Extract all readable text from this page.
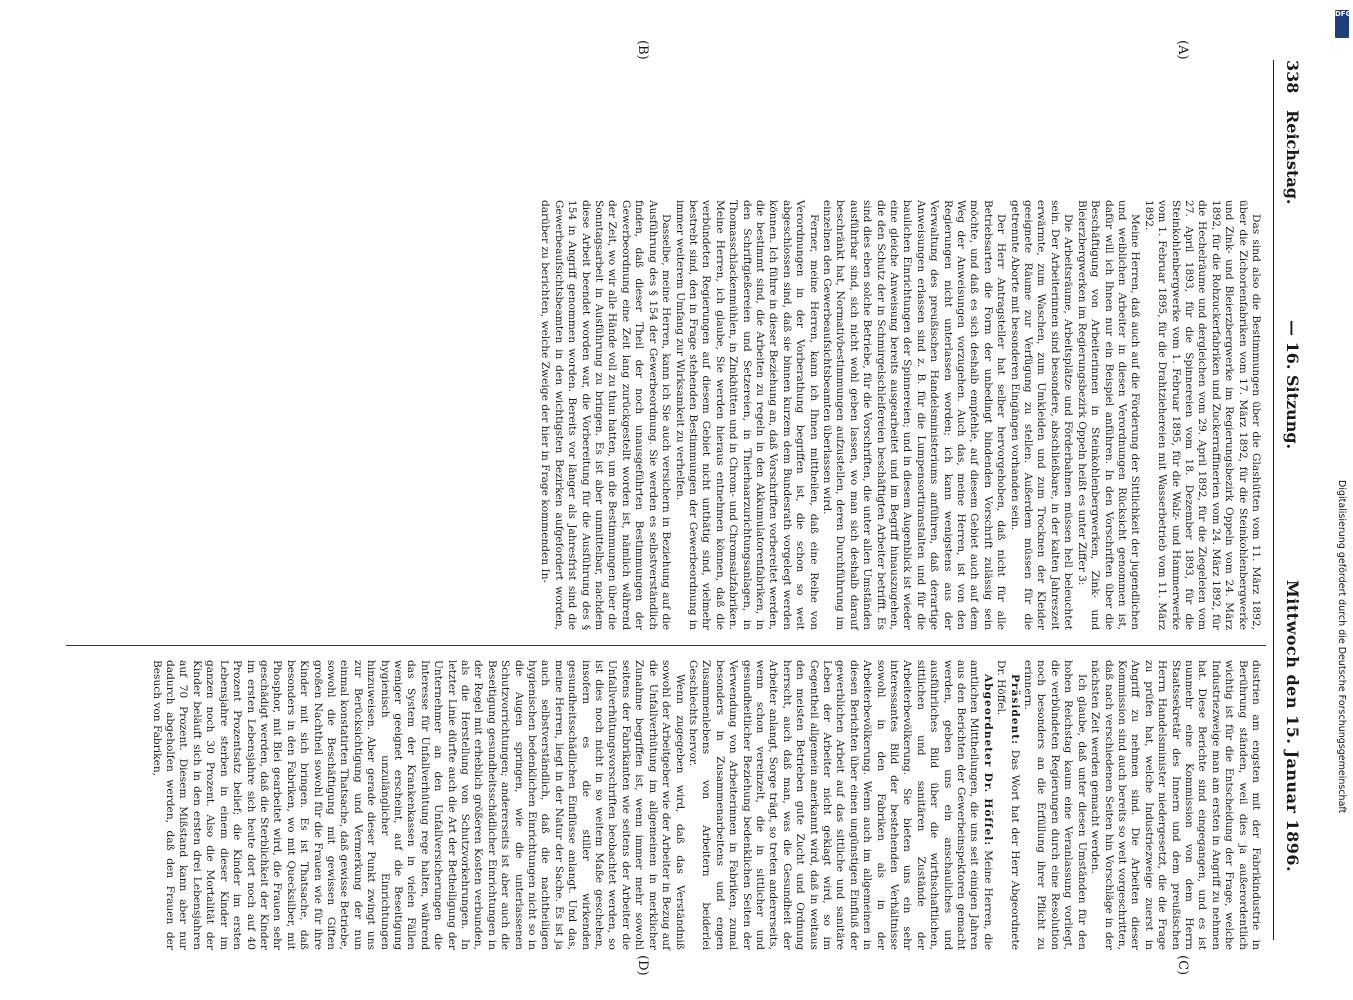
338
Reichstag.
— 16. Sitzung.
Mittwoch den 15. Januar 1896.
(A)
(B)
(C)
(D)

Das sind also die Bestimmungen über die Glashütten vom 11. März 1892, über die Zichorienfabriken vom 17. März 1892, für die Steinkohlenbergwerke und Zink- und Bleierzbergwerke im Regierungsbezirk Oppeln vom 24. März 1892, für die Rohzuckerfabriken und Zuckerraffinerien vom 24. März 1892, für die Hechelräume und dergleichen vom 29. April 1892, für die Ziegeleien vom 27. April 1893, für die Spinnereien vom 18. Dezember 1893, für die Steinkohlenbergwerke vom 1. Februar 1895, für die Walz- und Hammerwerke vom 1. Februar 1895, für die Drahtziehereien mit Wasserbetrieb vom 11. März 1892.

Meine Herren, daß auch auf die Förderung der Sittlichkeit der jugendlichen und weiblichen Arbeiter in diesen Verordnungen Rücksicht genommen ist, dafür will ich Ihnen nur ein Beispiel anführen. In den Vorschriften über die Beschäftigung von Arbeiterinnen in Steinkohlenbergwerken, Zink- und Bleierzbergwerken im Regierungsbezirk Oppeln heißt es unter Ziffer 3:

Die Arbeitsräume, Arbeitsplätze und Förderbahnen müssen hell beleuchtet sein. Der Arbeiterinnen sind besondere, abschließbare, in der kalten Jahreszeit erwärmte, zum Waschen, zum Umkleiden und zum Trocknen der Kleider geeignete Räume zur Verfügung zu stellen. Außerdem müssen für die getrennte Aborte mit besonderen Eingängen vorhanden sein.

Der Herr Antragsteller hat selber hervorgehoben, daß nicht für alle Betriebsarten die Form der unbedingt bindenden Vorschrift zulässig sein möchte, und daß es sich deshalb empfehle, auf diesem Gebiet auch auf dem Weg der Anweisungen vorzugehen. Auch das, meine Herren, ist von den Regierungen nicht unterlassen worden; ich kann wenigstens aus der Verwaltung des preußischen Handelsministeriums anführen, daß derartige Anweisungen erlassen sind z. B. für die Lumpensortiranstalten und für die baulichen Einrichtungen der Spinnereien; und in diesem Augenblick ist wieder eine gleiche Anweisung bereits ausgearbeitet und im Begriff hinauszugehen, die den Schutz der in Schmirgelschleifereien beschäftigten Arbeiter betrifft. Es sind dies eben solche Betriebe, für die Vorschriften, die unter allen Umständen ausführbar sind, sich nicht wohl geben lassen, wo man sich deshalb darauf beschränkt hat, Normativbestimmungen aufzustellen, deren Durchführung im einzelnen den Gewerbeaufsichtsbeamten überlassen wird.

Ferner, meine Herren, kann ich Ihnen mittheilen, daß eine Reihe von Verordnungen in der Vorberathung begriffen ist, die schon so weit abgeschlossen sind, daß sie binnen kurzem dem Bundesrath vorgelegt werden können. Ich führe in dieser Beziehung an, daß Vorschriften vorbereitet werden, die bestimmt sind, die Arbeiten zu regeln in den Akkumulatorenfabriken, in den Schriftgießereien und Setzereien, in Thierhaarzurichtungsanlagen, in Thomasschlackenmühlen, in Zinkhütten und in Chrom- und Chromsalzfabriken. Meine Herren, ich glaube, Sie werden hieraus entnehmen können, daß die verbündeten Regierungen auf diesem Gebiet nicht unthätig sind, vielmehr bestrebt sind, den in Frage stehenden Bestimmungen der Gewerbeordnung in immer weiterem Umfang zur Wirksamkeit zu verhelfen.

Dasselbe, meine Herren, kann ich Sie auch versichern in Beziehung auf die Ausführung des § 154 der Gewerbeordnung. Sie werden es selbstverständlich finden, daß dieser Theil der noch unausgeführten Bestimmungen der Gewerbeordnung eine Zeit lang zurückgestellt worden ist, nämlich während der Zeit, wo wir alle Hände voll zu thun hatten, um die Bestimmungen über die Sonntagsarbeit in Ausführung zu bringen. Es ist aber unmittelbar, nachdem diese Arbeit beendet worden war, die Vorbereitung für die Ausführung des § 154 in Angriff genommen worden. Bereits vor länger als Jahresfrist sind die Gewerbeaufsichtsbeamten in den wichtigsten Bezirken aufgefordert worden, darüber zu berichten, welche Zweige der hier in Frage kommenden In-

dustrien am engsten mit der Fabrikindustrie in Berührung ständen, weil dies ja außerordentlich wichtig ist für die Entscheidung der Frage, welche Industriezweige man am ersten in Angriff zu nehmen hat. Diese Berichte sind eingegangen, und es ist nunmehr eine Kommission von dem Herrn Staatssekretär des Innern und dem preußischen Herrn Handelsminister niedergesetzt, die die Frage zu prüfen hat, welche Industriezweige zuerst in Angriff zu nehmen sind. Die Arbeiten dieser Kommission sind auch bereits so weit vorgeschritten, daß nach verschiedenen Seiten hin Vorschläge in der nächsten Zeit werden gemacht werden.

Ich glaube, daß unter diesen Umständen für den hohen Reichstag kaum eine Veranlassung vorliegt, die verbündeten Regierungen durch eine Resolution noch besonders an die Erfüllung ihrer Pflicht zu erinnern.

Präsident: Das Wort hat der Herr Abgeordnete Dr. Höffel.

Abgeordneter Dr. Höffel: Meine Herren, die amtlichen Mittheilungen, die uns seit einigen Jahren aus den Berichten der Gewerbeinspektoren gemacht werden, geben uns ein anschauliches und ausführliches Bild über die wirthschaftlichen, sittlichen und sanitären Zustände der Arbeiterbevölkerung. Sie bieten uns ein sehr interessantes Bild der bestehenden Verhältnisse sowohl in den Fabriken als in der Arbeiterbevölkerung. Wenn auch im allgemeinen in diesen Berichten über einen ungünstigen Einfluß der gewerblichen Arbeit auf das sittliche und sanitäre Leben der Arbeiter nicht geklagt wird, so im Gegentheil allgemein anerkannt wird, daß in weitaus den meisten Betrieben gute Zucht und Ordnung herrscht, auch daß man, was die Gesundheit der Arbeiter anlangt, Sorge trägt, so treten andererseits, wenn schon vereinzelt, die in sittlicher und gesundheitlicher Beziehung bedenklichen Seiten der Verwendung von Arbeiterinnen in Fabriken, zumal besonders in Zusammenarbeitens und engen Zusammenlebens von Arbeitern beiderlei Geschlechts hervor.

Wenn zugegeben wird, daß das Verständniß sowohl der Arbeitgeber wie der Arbeiter in Bezug auf die Unfallverhütung im allgemeinen in merklicher Zunahme begriffen ist, wenn immer mehr sowohl seitens der Fabrikanten wie seitens der Arbeiter die Unfallverhütungsvorschriften beobachtet werden, so ist dies noch nicht in so weitem Maße geschehen, insofern es die stiller wirkenden gesundheitsschädlichen Einflüsse anlangt. Und das, meine Herren, liegt in der Natur der Sache. Es ist ja auch selbstverständlich, daß die nachtheiligen hygienischen bedenklichen Einrichtungen nicht so in die Augen springen, wie die unterlassenen Schutzvorrichtungen; andererseits ist aber auch die Beseitigung gesundheitsschädlicher Einrichtungen in der Regel mit erheblich größeren Kosten verbunden, als die Herstellung von Schutzvorkehrungen. In letzter Linie dürfte auch die Art der Betheiligung der Unternehmer an den Unfallversicherungen die Interesse für Unfallverhütung rege halten, während das System der Krankenkassen in vielen Fällen weniger geeignet erscheint, auf die Beseitigung hygienisch unzulänglicher Einrichtungen hinzuweisen. Aber gerade dieser Punkt zwingt uns zur Berücksichtigung und Vermerkung der nun einmal konstatirten Thatsache, daß gewisse Betriebe, sowohl die Beschäftigung mit gewissen Giften großen Nachtheil sowohl für die Frauen wie für ihre Kinder mit sich bringen. Es ist Thatsache, daß besonders in den Fabriken, wo mit Quecksilber, mit Phosphor, mit Blei gearbeitet wird, die Frauen sehr geschädigt werden, daß die Sterblichkeit der Kinder im ersten Lebensjahre sich heute dort noch auf 40 Prozent Prozentsatz belief; die Kinder im ersten Lebensjahre sterben in einem dieser Kinder im ganzen noch 30 Prozent. Also die Mortalität der Kinder beläuft sich in den ersten drei Lebensjahren auf 70 Prozent. Diesem Mißstand kann aber nur dadurch abgeholfen werden, daß den Frauen der Besuch von Fabriken,

DFG
Digitalisierung gefördert durch die Deutsche Forschungsgemeinschaft
